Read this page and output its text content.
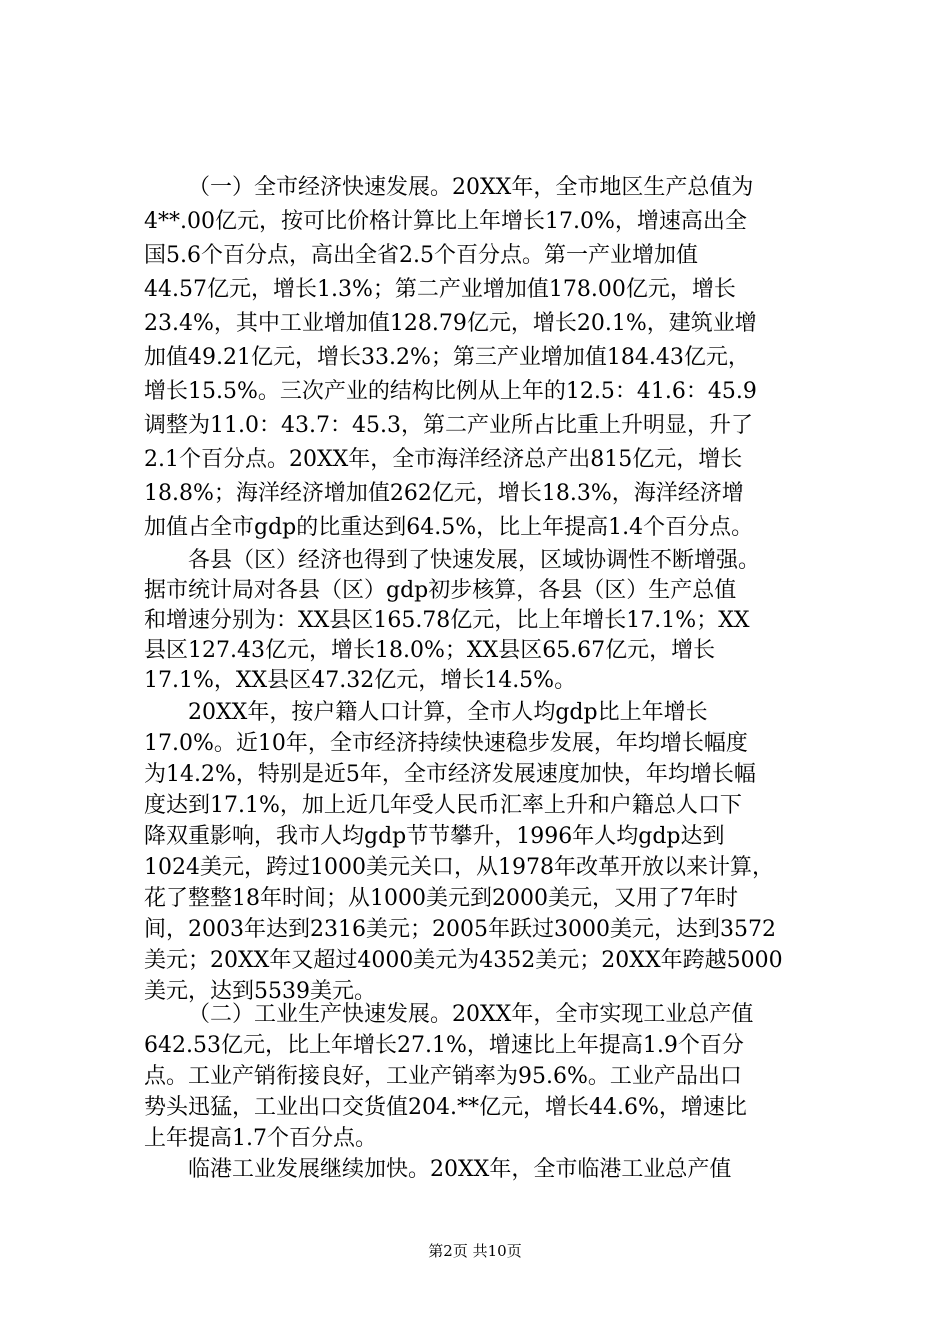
（一）全市经济快速发展。20XX年，全市地区生产总值为
4**.00亿元，按可比价格计算比上年增长17.0%，增速高出全
国5.6个百分点，高出全省2.5个百分点。第一产业增加值
44.57亿元，增长1.3%；第二产业增加值178.00亿元，增长
23.4%，其中工业增加值128.79亿元，增长20.1%，建筑业增
加值49.21亿元，增长33.2%；第三产业增加值184.43亿元，
增长15.5%。三次产业的结构比例从上年的12.5：41.6：45.9
调整为11.0：43.7：45.3，第二产业所占比重上升明显，升了
2.1个百分点。20XX年，全市海洋经济总产出815亿元，增长
18.8%；海洋经济增加值262亿元，增长18.3%，海洋经济增
加值占全市gdp的比重达到64.5%，比上年提高1.4个百分点。
各县（区）经济也得到了快速发展，区域协调性不断增强。
据市统计局对各县（区）gdp初步核算，各县（区）生产总值
和增速分别为：XX县区165.78亿元，比上年增长17.1%；XX
县区127.43亿元，增长18.0%；XX县区65.67亿元，增长
17.1%，XX县区47.32亿元，增长14.5%。
20XX年，按户籍人口计算，全市人均gdp比上年增长
17.0%。近10年，全市经济持续快速稳步发展，年均增长幅度
为14.2%，特别是近5年，全市经济发展速度加快，年均增长幅
度达到17.1%，加上近几年受人民币汇率上升和户籍总人口下
降双重影响，我市人均gdp节节攀升，1996年人均gdp达到
1024美元，跨过1000美元关口，从1978年改革开放以来计算，
花了整整18年时间；从1000美元到2000美元，又用了7年时
间，2003年达到2316美元；2005年跃过3000美元，达到3572
美元；20XX年又超过4000美元为4352美元；20XX年跨越5000
美元，达到5539美元。
（二）工业生产快速发展。20XX年，全市实现工业总产值
642.53亿元，比上年增长27.1%，增速比上年提高1.9个百分
点。工业产销衔接良好，工业产销率为95.6%。工业产品出口
势头迅猛，工业出口交货值204.**亿元，增长44.6%，增速比
上年提高1.7个百分点。
第2页 共10页
临港工业发展继续加快。20XX年，全市临港工业总产值
